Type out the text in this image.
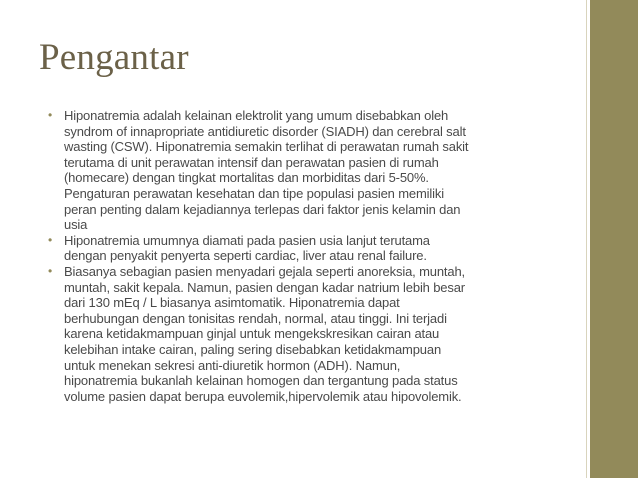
Pengantar
• Hiponatremia adalah kelainan elektrolit yang umum disebabkan oleh
syndrom of innapropriate antidiuretic disorder (SIADH) dan cerebral salt
wasting (CSW). Hiponatremia semakin terlihat di perawatan rumah sakit
terutama di unit perawatan intensif dan perawatan pasien di rumah
(homecare) dengan tingkat mortalitas dan morbiditas dari 5-50%.
Pengaturan perawatan kesehatan dan tipe populasi pasien memiliki
peran penting dalam kejadiannya terlepas dari faktor jenis kelamin dan
usia
• Hiponatremia umumnya diamati pada pasien usia lanjut terutama
dengan penyakit penyerta seperti cardiac, liver atau renal failure.
• Biasanya sebagian pasien menyadari gejala seperti anoreksia, muntah,
muntah, sakit kepala. Namun, pasien dengan kadar natrium lebih besar
dari 130 mEq / L biasanya asimtomatik. Hiponatremia dapat
berhubungan dengan tonisitas rendah, normal, atau tinggi. Ini terjadi
karena ketidakmampuan ginjal untuk mengekskresikan cairan atau
kelebihan intake cairan, paling sering disebabkan ketidakmampuan
untuk menekan sekresi anti-diuretik hormon (ADH). Namun,
hiponatremia bukanlah kelainan homogen dan tergantung pada status
volume pasien dapat berupa euvolemik,hipervolemik atau hipovolemik.
